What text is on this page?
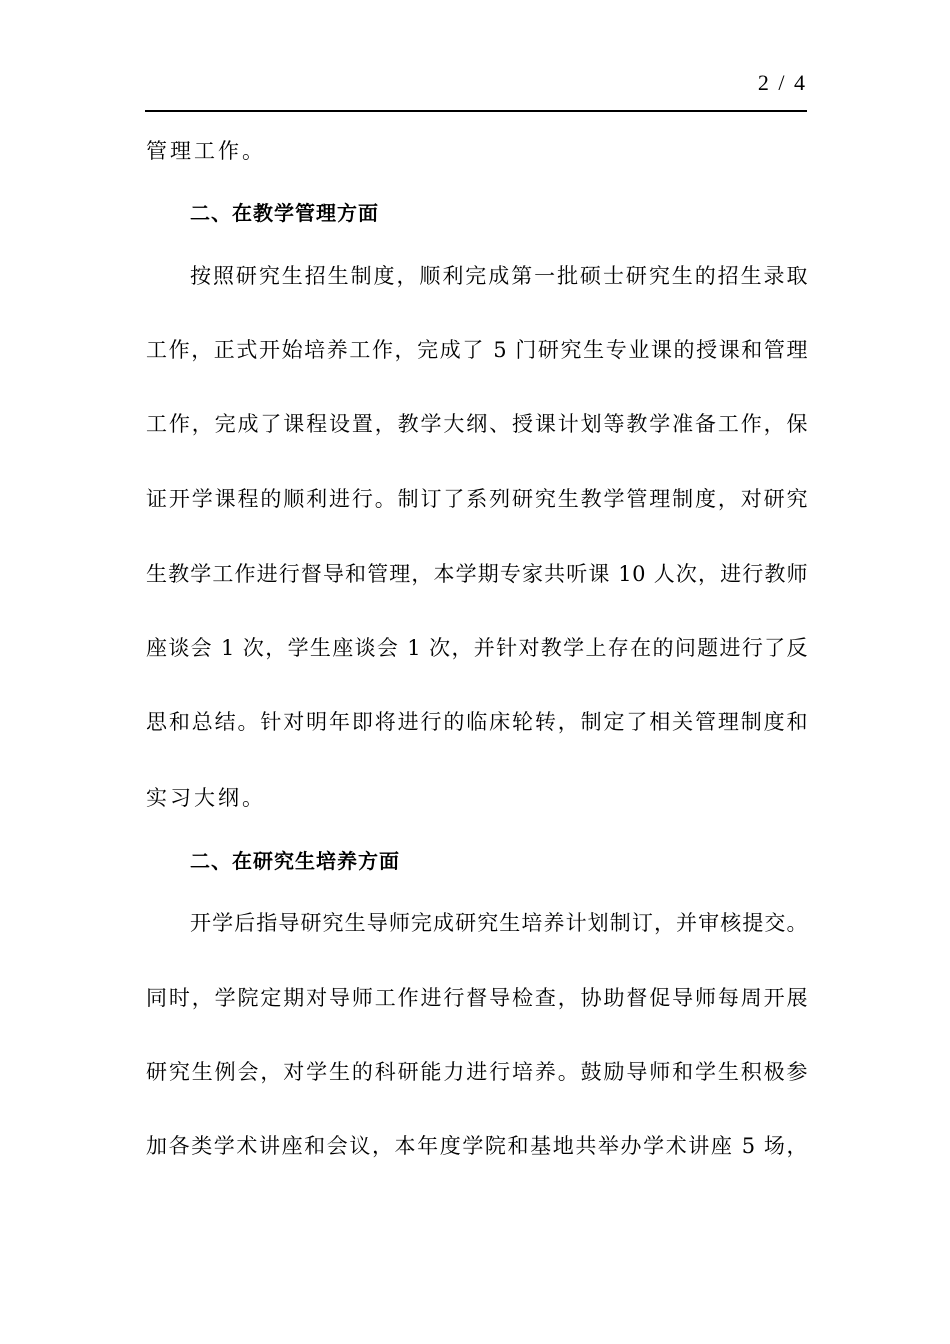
2 / 4
管理工作。
二、在教学管理方面
按照研究生招生制度，顺利完成第一批硕士研究生的招生录取
工作，正式开始培养工作，完成了 5 门研究生专业课的授课和管理
工作，完成了课程设置，教学大纲、授课计划等教学准备工作，保
证开学课程的顺利进行。制订了系列研究生教学管理制度，对研究
生教学工作进行督导和管理，本学期专家共听课 10 人次，进行教师
座谈会 1 次，学生座谈会 1 次，并针对教学上存在的问题进行了反
思和总结。针对明年即将进行的临床轮转，制定了相关管理制度和
实习大纲。
二、在研究生培养方面
开学后指导研究生导师完成研究生培养计划制订，并审核提交。
同时，学院定期对导师工作进行督导检查，协助督促导师每周开展
研究生例会，对学生的科研能力进行培养。鼓励导师和学生积极参
加各类学术讲座和会议，本年度学院和基地共举办学术讲座 5 场，
